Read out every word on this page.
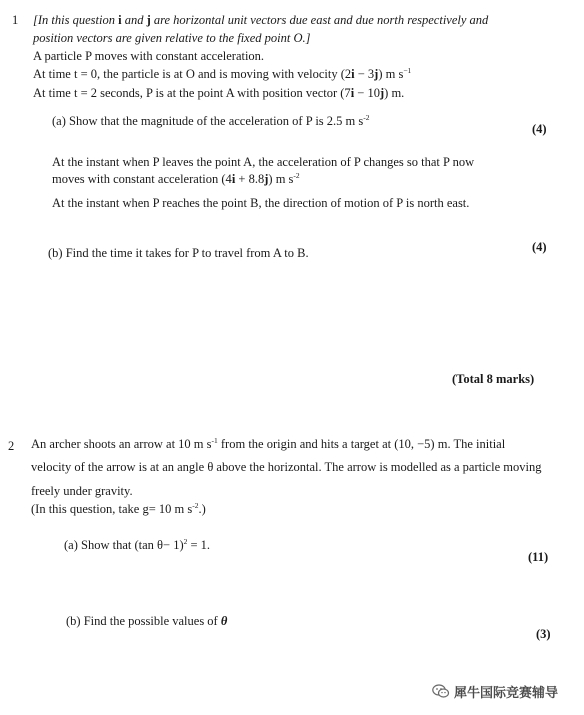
1 [In this question i and j are horizontal unit vectors due east and due north respectively and
position vectors are given relative to the fixed point O.]
A particle P moves with constant acceleration.
At time t = 0, the particle is at O and is moving with velocity (2i − 3j) m $s^{-1}$
At time t = 2 seconds, P is at the point A with position vector (7i − 10j) m.
(a) Show that the magnitude of the acceleration of P is 2.5 m $s^{-2}$
(4)
At the instant when P leaves the point A, the acceleration of P changes so that P now
moves with constant acceleration (4i + 8.8j) m $s^{-2}$
At the instant when P reaches the point B, the direction of motion of P is north east.
(b) Find the time it takes for P to travel from A to B.	(4)
(Total 8 marks)
2 An archer shoots an arrow at 10 m $s^{-1}$ from the origin and hits a target at (10, −5) m. The initial
velocity of the arrow is at an angle θ above the horizontal. The arrow is modelled as a particle moving
freely under gravity.
(In this question, take g= 10 m $s^{-2}$.)
(a) Show that (tan θ− 1)$^2$ = 1.
(11)
(b) Find the possible values of θ
(3)
犀牛国际竞赛辅导
